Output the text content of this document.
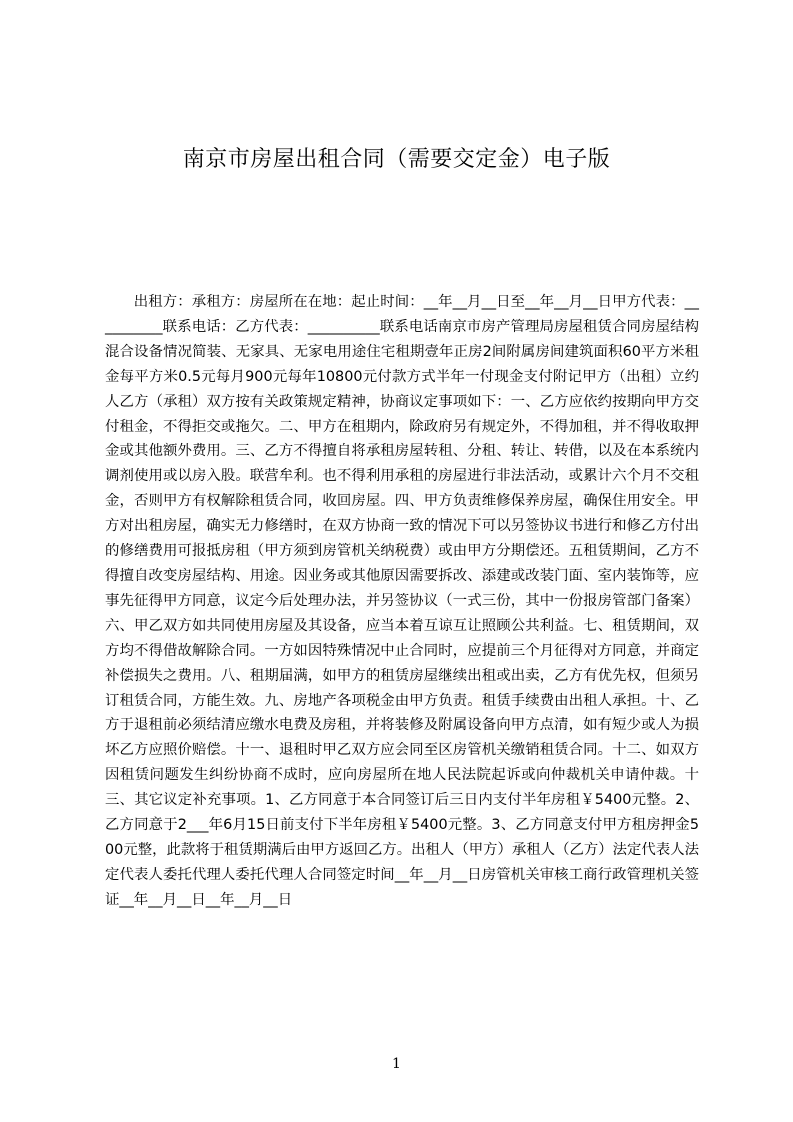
南京市房屋出租合同（需要交定金）电子版

出租方：承租方：房屋所在在地：起止时间：__年__月__日至__年__月__日甲方代表：__________联系电话：乙方代表：__________联系电话南京市房产管理局房屋租赁合同房屋结构混合设备情况简装、无家具、无家电用途住宅租期壹年正房2间附属房间建筑面积60平方米租金每平方米0.5元每月900元每年10800元付款方式半年一付现金支付附记甲方（出租）立约人乙方（承租）双方按有关政策规定精神，协商议定事项如下：一、乙方应依约按期向甲方交付租金，不得拒交或拖欠。二、甲方在租期内，除政府另有规定外，不得加租，并不得收取押金或其他额外费用。三、乙方不得擅自将承租房屋转租、分租、转让、转借，以及在本系统内调剂使用或以房入股。联营牟利。也不得利用承租的房屋进行非法活动，或累计六个月不交租金，否则甲方有权解除租赁合同，收回房屋。四、甲方负责维修保养房屋，确保住用安全。甲方对出租房屋，确实无力修缮时，在双方协商一致的情况下可以另签协议书进行和修乙方付出的修缮费用可报抵房租（甲方须到房管机关纳税费）或由甲方分期偿还。五租赁期间，乙方不得擅自改变房屋结构、用途。因业务或其他原因需要拆改、添建或改装门面、室内装饰等，应事先征得甲方同意，议定今后处理办法，并另签协议（一式三份，其中一份报房管部门备案）六、甲乙双方如共同使用房屋及其设备，应当本着互谅互让照顾公共利益。七、租赁期间，双方均不得借故解除合同。一方如因特殊情况中止合同时，应提前三个月征得对方同意，并商定补偿损失之费用。八、租期届满，如甲方的租赁房屋继续出租或出卖，乙方有优先权，但须另订租赁合同，方能生效。九、房地产各项税金由甲方负责。租赁手续费由出租人承担。十、乙方于退租前必须结清应缴水电费及房租，并将装修及附属设备向甲方点清，如有短少或人为损坏乙方应照价赔偿。十一、退租时甲乙双方应会同至区房管机关缴销租赁合同。十二、如双方因租赁问题发生纠纷协商不成时，应向房屋所在地人民法院起诉或向仲裁机关申请仲裁。十三、其它议定补充事项。1、乙方同意于本合同签订后三日内支付半年房租￥5400元整。2、乙方同意于2___年6月15日前支付下半年房租￥5400元整。3、乙方同意支付甲方租房押金500元整，此款将于租赁期满后由甲方返回乙方。出租人（甲方）承租人（乙方）法定代表人法定代表人委托代理人委托代理人合同签定时间__年__月__日房管机关审核工商行政管理机关签证__年__月__日__年__月__日

1
